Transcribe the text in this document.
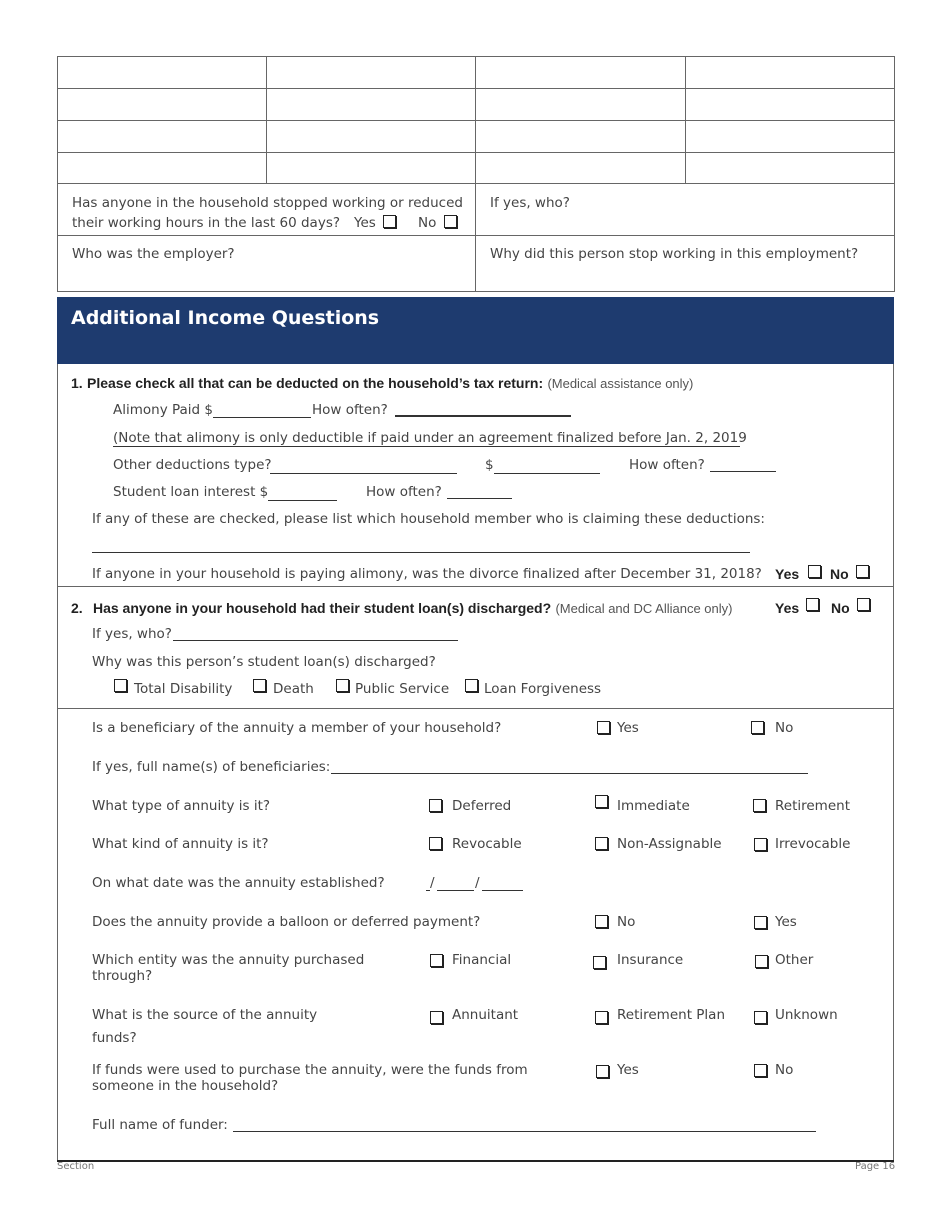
Has anyone in the household stopped working or reduced
their working hours in the last 60 days? Yes	No
If yes, who?
Who was the employer?	Why did this person stop working in this employment?
Additional Income Questions
1. Please check all that can be deducted on the household’s tax return: (Medical assistance only)
Alimony Paid $	How often?
(Note that alimony is only deductible if paid under an agreement finalized before Jan. 2, 2019
Other deductions type?	$	How often?
Student loan interest $	How often?
If any of these are checked, please list which household member who is claiming these deductions:
If anyone in your household is paying alimony, was the divorce finalized after December 31, 2018? Yes No
2. Has anyone in your household had their student loan(s) discharged? (Medical and DC Alliance only)	Yes No
If yes, who?
Why was this person’s student loan(s) discharged?
Total Disability	Death	Public Service	Loan Forgiveness
Is a beneficiary of the annuity a member of your household?	Yes	No
If yes, full name(s) of beneficiaries:
What type of annuity is it?	Deferred	Immediate	Retirement
What kind of annuity is it?	Revocable	Non-Assignable	Irrevocable
On what date was the annuity established?	/	/
Does the annuity provide a balloon or deferred payment?	No	Yes
Which entity was the annuity purchased
through?
Financial	Insurance	Other
What is the source of the annuity
funds?
Annuitant	Retirement Plan	Unknown
If funds were used to purchase the annuity, were the funds from
someone in the household?
Yes	No
Full name of funder:
Section	Page 16
